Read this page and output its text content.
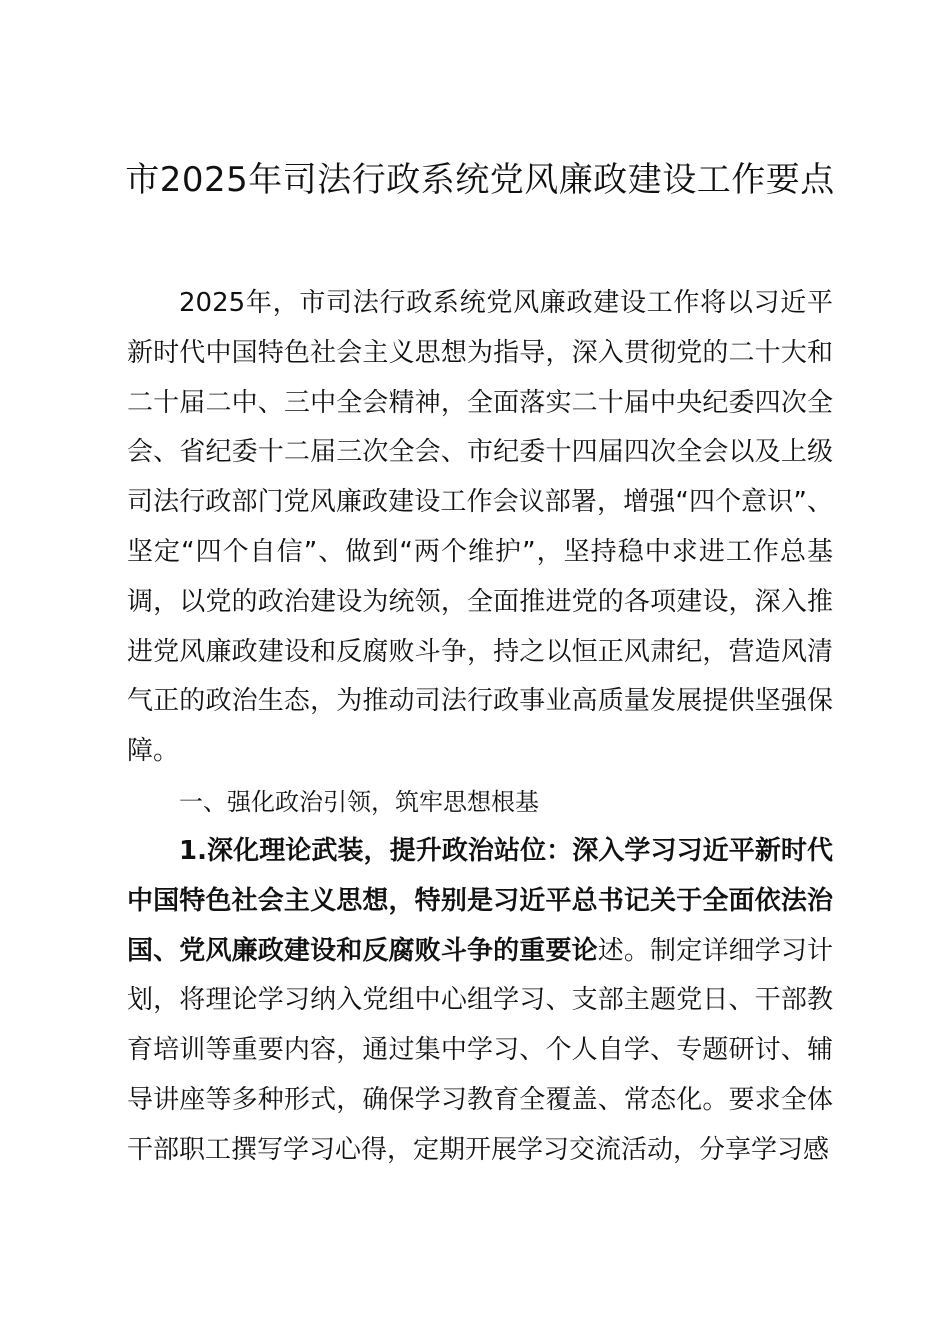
市2025年司法行政系统党风廉政建设工作要点

2025年，市司法行政系统党风廉政建设工作将以习近平新时代中国特色社会主义思想为指导，深入贯彻党的二十大和二十届二中、三中全会精神，全面落实二十届中央纪委四次全会、省纪委十二届三次全会、市纪委十四届四次全会以及上级司法行政部门党风廉政建设工作会议部署，增强“四个意识”、坚定“四个自信”、做到“两个维护”，坚持稳中求进工作总基调，以党的政治建设为统领，全面推进党的各项建设，深入推进党风廉政建设和反腐败斗争，持之以恒正风肃纪，营造风清气正的政治生态，为推动司法行政事业高质量发展提供坚强保障。

一、强化政治引领，筑牢思想根基

1.深化理论武装，提升政治站位：深入学习习近平新时代中国特色社会主义思想，特别是习近平总书记关于全面依法治国、党风廉政建设和反腐败斗争的重要论述。制定详细学习计划，将理论学习纳入党组中心组学习、支部主题党日、干部教育培训等重要内容，通过集中学习、个人自学、专题研讨、辅导讲座等多种形式，确保学习教育全覆盖、常态化。要求全体干部职工撰写学习心得，定期开展学习交流活动，分享学习感
